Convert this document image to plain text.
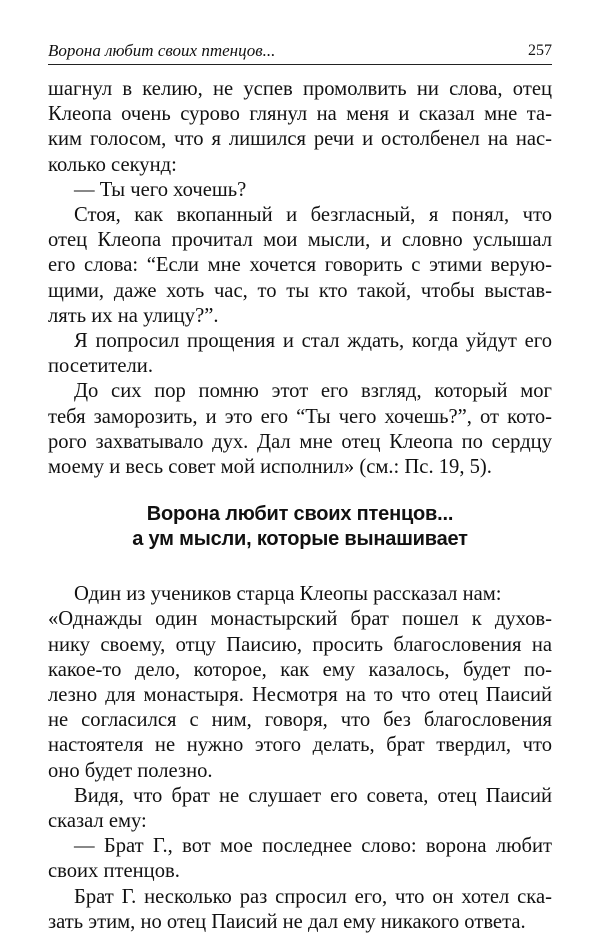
Ворона любит своих птенцов...	257
шагнул в келию, не успев промолвить ни слова, отец
Клеопа очень сурово глянул на меня и сказал мне та-
ким голосом, что я лишился речи и остолбенел на нас-
колько секунд:
— Ты чего хочешь?
Стоя, как вкопанный и безгласный, я понял, что
отец Клеопа прочитал мои мысли, и словно услышал
его слова: “Если мне хочется говорить с этими верую-
щими, даже хоть час, то ты кто такой, чтобы выстав-
лять их на улицу?”.
Я попросил прощения и стал ждать, когда уйдут его
посетители.
До сих пор помню этот его взгляд, который мог
тебя заморозить, и это его “Ты чего хочешь?”, от кото-
рого захватывало дух. Дал мне отец Клеопа по сердцу
моему и весь совет мой исполнил» (см.: Пс. 19, 5).
Ворона любит своих птенцов...
а ум мысли, которые вынашивает
Один из учеников старца Клеопы рассказал нам:
«Однажды один монастырский брат пошел к духов-
нику своему, отцу Паисию, просить благословения на
какое-то дело, которое, как ему казалось, будет по-
лезно для монастыря. Несмотря на то что отец Паисий
не согласился с ним, говоря, что без благословения
настоятеля не нужно этого делать, брат твердил, что
оно будет полезно.
Видя, что брат не слушает его совета, отец Паисий
сказал ему:
— Брат Г., вот мое последнее слово: ворона любит
своих птенцов.
Брат Г. несколько раз спросил его, что он хотел ска-
зать этим, но отец Паисий не дал ему никакого ответа.
